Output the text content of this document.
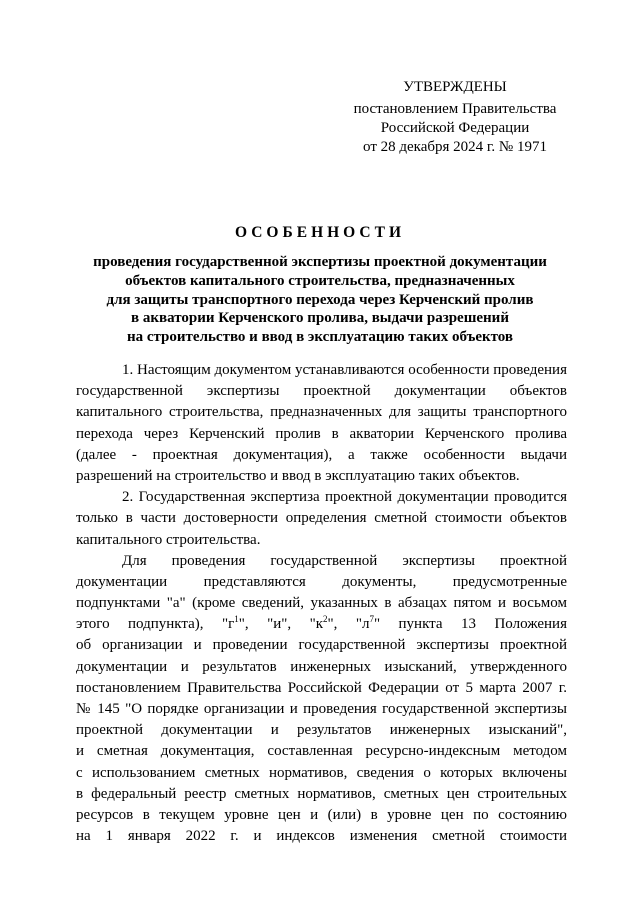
УТВЕРЖДЕНЫ
постановлением Правительства
Российской Федерации
от 28 декабря 2024 г. № 1971
ОСОБЕННОСТИ
проведения государственной экспертизы проектной документации
объектов капитального строительства, предназначенных
для защиты транспортного перехода через Керченский пролив
в акватории Керченского пролива, выдачи разрешений
на строительство и ввод в эксплуатацию таких объектов
1. Настоящим документом устанавливаются особенности проведения
государственной экспертизы проектной документации объектов
капитального строительства, предназначенных для защиты транспортного
перехода через Керченский пролив в акватории Керченского пролива
(далее - проектная документация), а также особенности выдачи
разрешений на строительство и ввод в эксплуатацию таких объектов.
2. Государственная экспертиза проектной документации проводится
только в части достоверности определения сметной стоимости объектов
капитального строительства.
Для проведения государственной экспертизы проектной
документации представляются документы, предусмотренные
подпунктами "а" (кроме сведений, указанных в абзацах пятом и восьмом
этого подпункта), "$г^1$", "и", "$к^2$", "$л^7$" пункта 13 Положения
об организации и проведении государственной экспертизы проектной
документации и результатов инженерных изысканий, утвержденного
постановлением Правительства Российской Федерации от 5 марта 2007 г.
№ 145 "О порядке организации и проведения государственной экспертизы
проектной документации и результатов инженерных изысканий",
и сметная документация, составленная ресурсно-индексным методом
с использованием сметных нормативов, сведения о которых включены
в федеральный реестр сметных нормативов, сметных цен строительных
ресурсов в текущем уровне цен и (или) в уровне цен по состоянию
на 1 января 2022 г. и индексов изменения сметной стоимости
